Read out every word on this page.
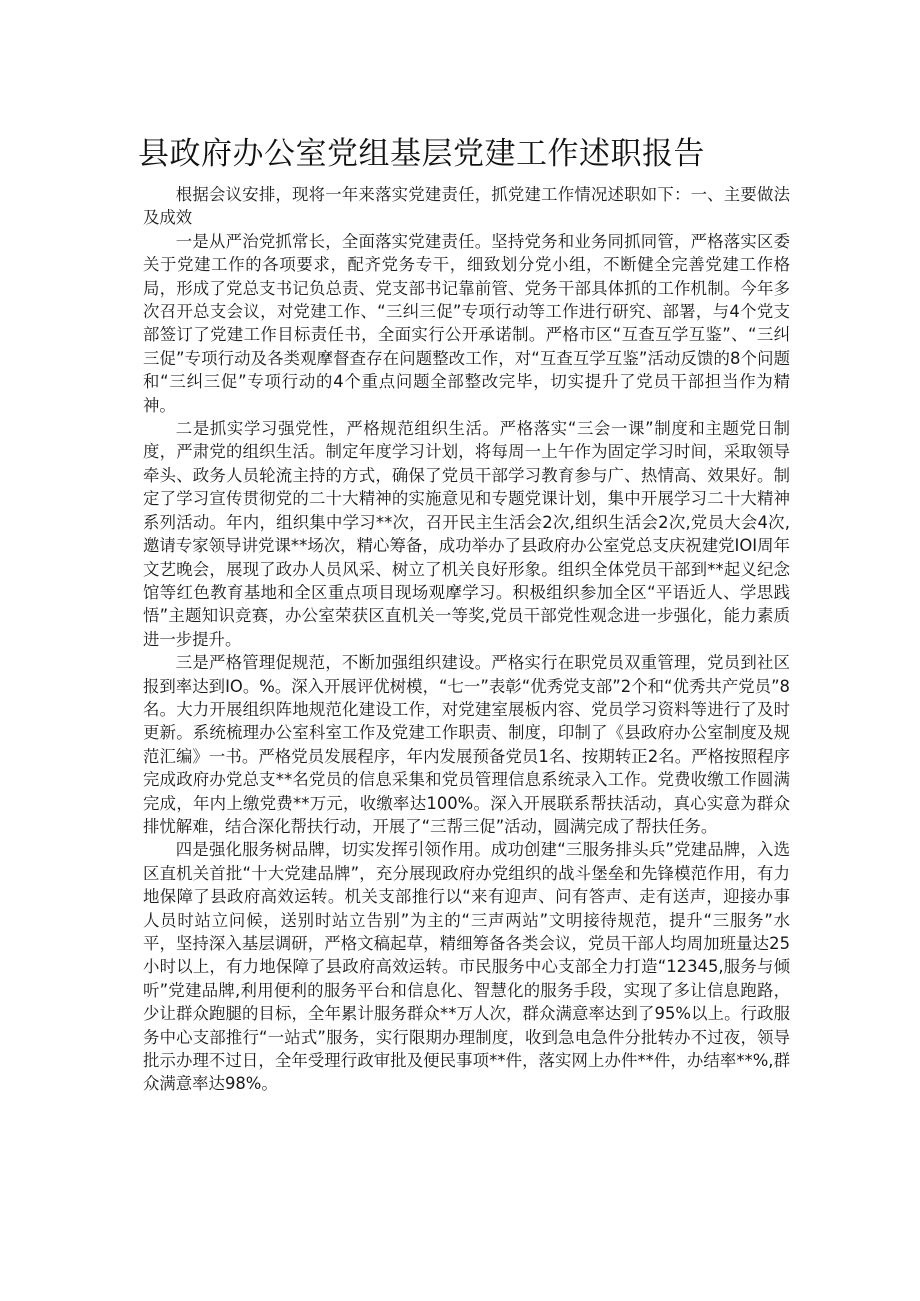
县政府办公室党组基层党建工作述职报告

根据会议安排，现将一年来落实党建责任，抓党建工作情况述职如下：一、主要做法及成效

一是从严治党抓常长，全面落实党建责任。坚持党务和业务同抓同管，严格落实区委关于党建工作的各项要求，配齐党务专干，细致划分党小组，不断健全完善党建工作格局，形成了党总支书记负总责、党支部书记靠前管、党务干部具体抓的工作机制。今年多次召开总支会议，对党建工作、“三纠三促”专项行动等工作进行研究、部署，与4个党支部签订了党建工作目标责任书，全面实行公开承诺制。严格市区“互查互学互鉴”、“三纠三促”专项行动及各类观摩督查存在问题整改工作，对“互查互学互鉴”活动反馈的8个问题和“三纠三促”专项行动的4个重点问题全部整改完毕，切实提升了党员干部担当作为精神。

二是抓实学习强党性，严格规范组织生活。严格落实“三会一课”制度和主题党日制度，严肃党的组织生活。制定年度学习计划，将每周一上午作为固定学习时间，采取领导牵头、政务人员轮流主持的方式，确保了党员干部学习教育参与广、热情高、效果好。制定了学习宣传贯彻党的二十大精神的实施意见和专题党课计划，集中开展学习二十大精神系列活动。年内，组织集中学习**次，召开民主生活会2次,组织生活会2次,党员大会4次,邀请专家领导讲党课**场次，精心筹备，成功举办了县政府办公室党总支庆祝建党IOI周年文艺晚会，展现了政办人员风采、树立了机关良好形象。组织全体党员干部到**起义纪念馆等红色教育基地和全区重点项目现场观摩学习。积极组织参加全区“平语近人、学思践悟”主题知识竞赛，办公室荣获区直机关一等奖,党员干部党性观念进一步强化，能力素质进一步提升。

三是严格管理促规范，不断加强组织建设。严格实行在职党员双重管理，党员到社区报到率达到IO。%。深入开展评优树模，“七一”表彰“优秀党支部”2个和“优秀共产党员”8名。大力开展组织阵地规范化建设工作，对党建室展板内容、党员学习资料等进行了及时更新。系统梳理办公室科室工作及党建工作职责、制度，印制了《县政府办公室制度及规范汇编》一书。严格党员发展程序，年内发展预备党员1名、按期转正2名。严格按照程序完成政府办党总支**名党员的信息采集和党员管理信息系统录入工作。党费收缴工作圆满完成，年内上缴党费**万元，收缴率达100%。深入开展联系帮扶活动，真心实意为群众排忧解难，结合深化帮扶行动，开展了“三帮三促”活动，圆满完成了帮扶任务。

四是强化服务树品牌，切实发挥引领作用。成功创建“三服务排头兵”党建品牌，入选区直机关首批“十大党建品牌”，充分展现政府办党组织的战斗堡垒和先锋模范作用，有力地保障了县政府高效运转。机关支部推行以“来有迎声、问有答声、走有送声，迎接办事人员时站立问候，送别时站立告别”为主的“三声两站”文明接待规范，提升“三服务”水平，坚持深入基层调研，严格文稿起草，精细筹备各类会议，党员干部人均周加班量达25小时以上，有力地保障了县政府高效运转。市民服务中心支部全力打造“12345,服务与倾听”党建品牌,利用便利的服务平台和信息化、智慧化的服务手段，实现了多让信息跑路，少让群众跑腿的目标，全年累计服务群众**万人次，群众满意率达到了95%以上。行政服务中心支部推行“一站式”服务，实行限期办理制度，收到急电急件分批转办不过夜，领导批示办理不过日，全年受理行政审批及便民事项**件，落实网上办件**件，办结率**%,群众满意率达98%。
